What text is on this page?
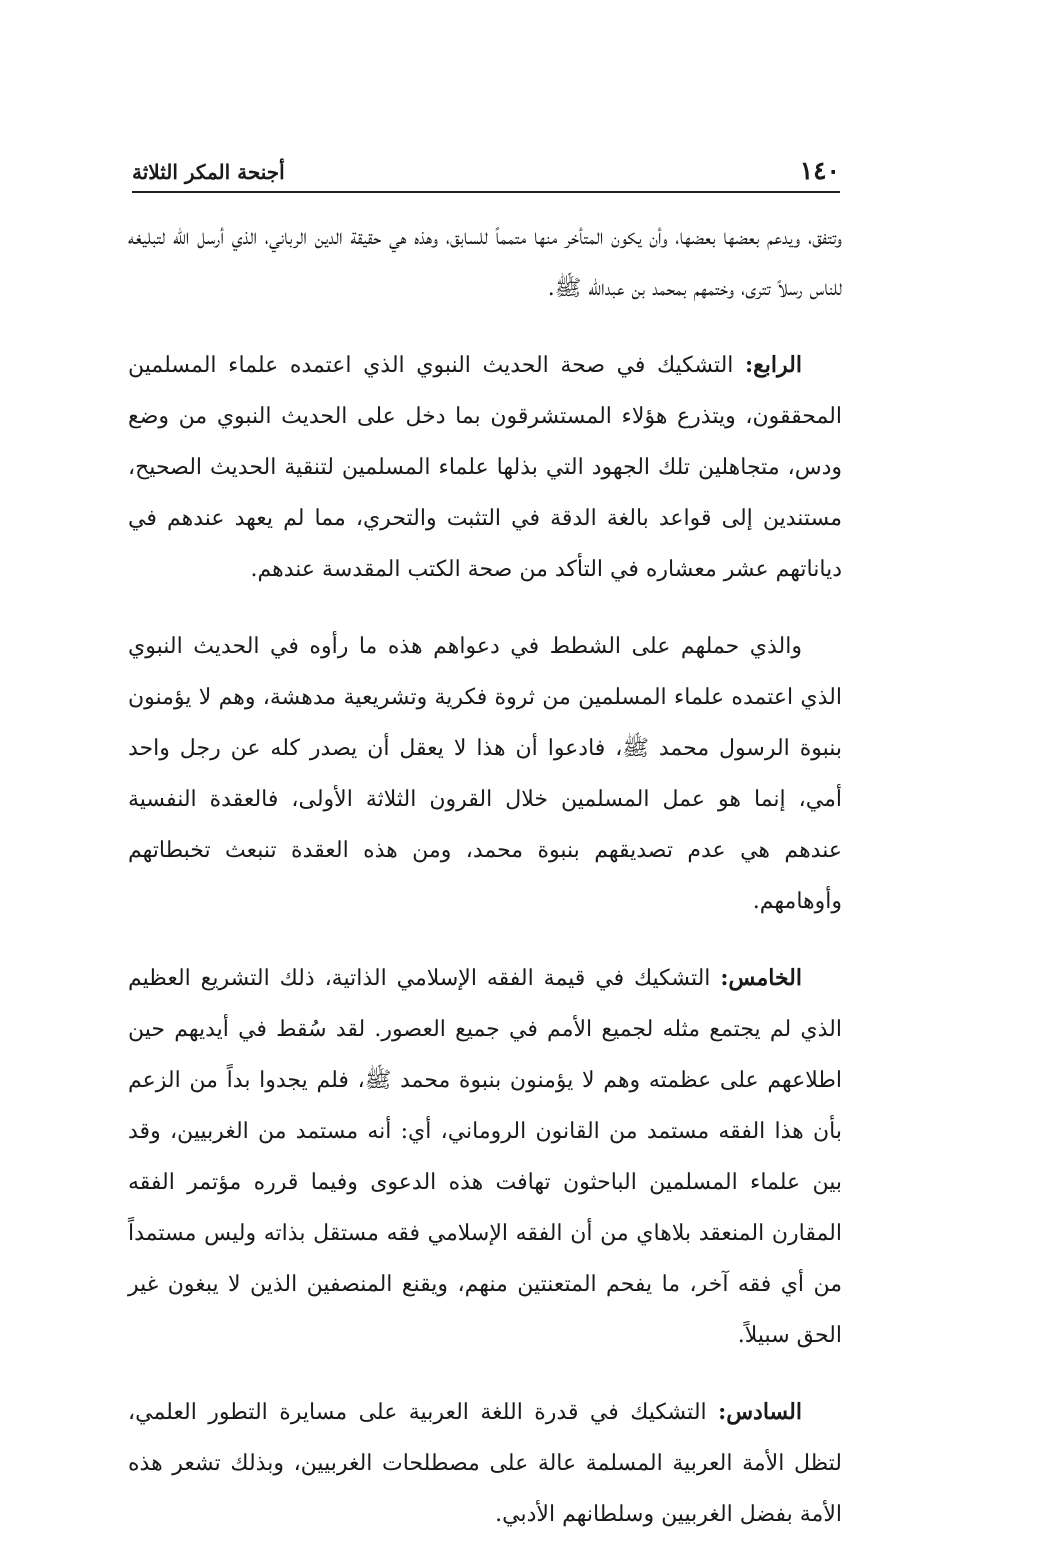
١٤٠
أجنحة المكر الثلاثة

وتتفق، ويدعم بعضها بعضها، وأن يكون المتأخر منها متمماً للسابق، وهذه هي حقيقة الدين الرباني، الذي أرسل الله لتبليغه للناس رسلاً تترى، وختمهم بمحمد بن عبدالله ﷺ.

الرابع: التشكيك في صحة الحديث النبوي الذي اعتمده علماء المسلمين المحققون، ويتذرع هؤلاء المستشرقون بما دخل على الحديث النبوي من وضع ودس، متجاهلين تلك الجهود التي بذلها علماء المسلمين لتنقية الحديث الصحيح، مستندين إلى قواعد بالغة الدقة في التثبت والتحري، مما لم يعهد عندهم في دياناتهم عشر معشاره في التأكد من صحة الكتب المقدسة عندهم.

والذي حملهم على الشطط في دعواهم هذه ما رأوه في الحديث النبوي الذي اعتمده علماء المسلمين من ثروة فكرية وتشريعية مدهشة، وهم لا يؤمنون بنبوة الرسول محمد ﷺ، فادعوا أن هذا لا يعقل أن يصدر كله عن رجل واحد أمي، إنما هو عمل المسلمين خلال القرون الثلاثة الأولى، فالعقدة النفسية عندهم هي عدم تصديقهم بنبوة محمد، ومن هذه العقدة تنبعث تخبطاتهم وأوهامهم.

الخامس: التشكيك في قيمة الفقه الإسلامي الذاتية، ذلك التشريع العظيم الذي لم يجتمع مثله لجميع الأمم في جميع العصور. لقد سُقط في أيديهم حين اطلاعهم على عظمته وهم لا يؤمنون بنبوة محمد ﷺ، فلم يجدوا بداً من الزعم بأن هذا الفقه مستمد من القانون الروماني، أي: أنه مستمد من الغربيين، وقد بين علماء المسلمين الباحثون تهافت هذه الدعوى وفيما قرره مؤتمر الفقه المقارن المنعقد بلاهاي من أن الفقه الإسلامي فقه مستقل بذاته وليس مستمداً من أي فقه آخر، ما يفحم المتعنتين منهم، ويقنع المنصفين الذين لا يبغون غير الحق سبيلاً.

السادس: التشكيك في قدرة اللغة العربية على مسايرة التطور العلمي، لتظل الأمة العربية المسلمة عالة على مصطلحات الغربيين، وبذلك تشعر هذه الأمة بفضل الغربيين وسلطانهم الأدبي.
